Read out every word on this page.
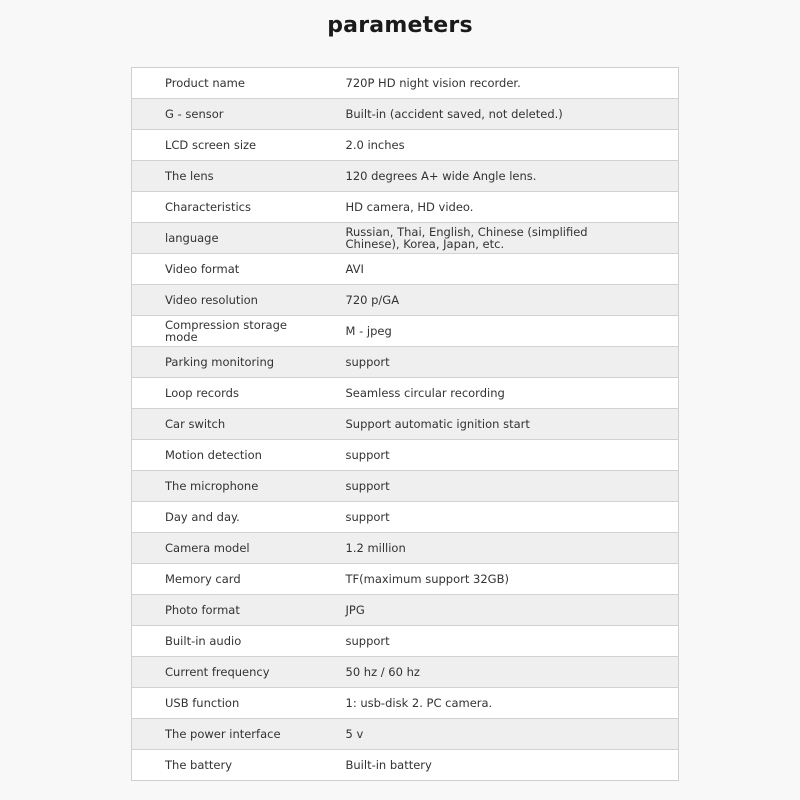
parameters
Product name	720P HD night vision recorder.
G - sensor	Built-in (accident saved, not deleted.)
LCD screen size	2.0 inches
The lens	120 degrees A+ wide Angle lens.
Characteristics	HD camera, HD video.
language	Russian, Thai, English, Chinese (simplified Chinese), Korea, Japan, etc.
Video format	AVI
Video resolution	720 p/GA
Compression storage mode	M - jpeg
Parking monitoring	support
Loop records	Seamless circular recording
Car switch	Support automatic ignition start
Motion detection	support
The microphone	support
Day and day.	support
Camera model	1.2 million
Memory card	TF(maximum support 32GB)
Photo format	JPG
Built-in audio	support
Current frequency	50 hz / 60 hz
USB function	1: usb-disk 2. PC camera.
The power interface	5 v
The battery	Built-in battery
